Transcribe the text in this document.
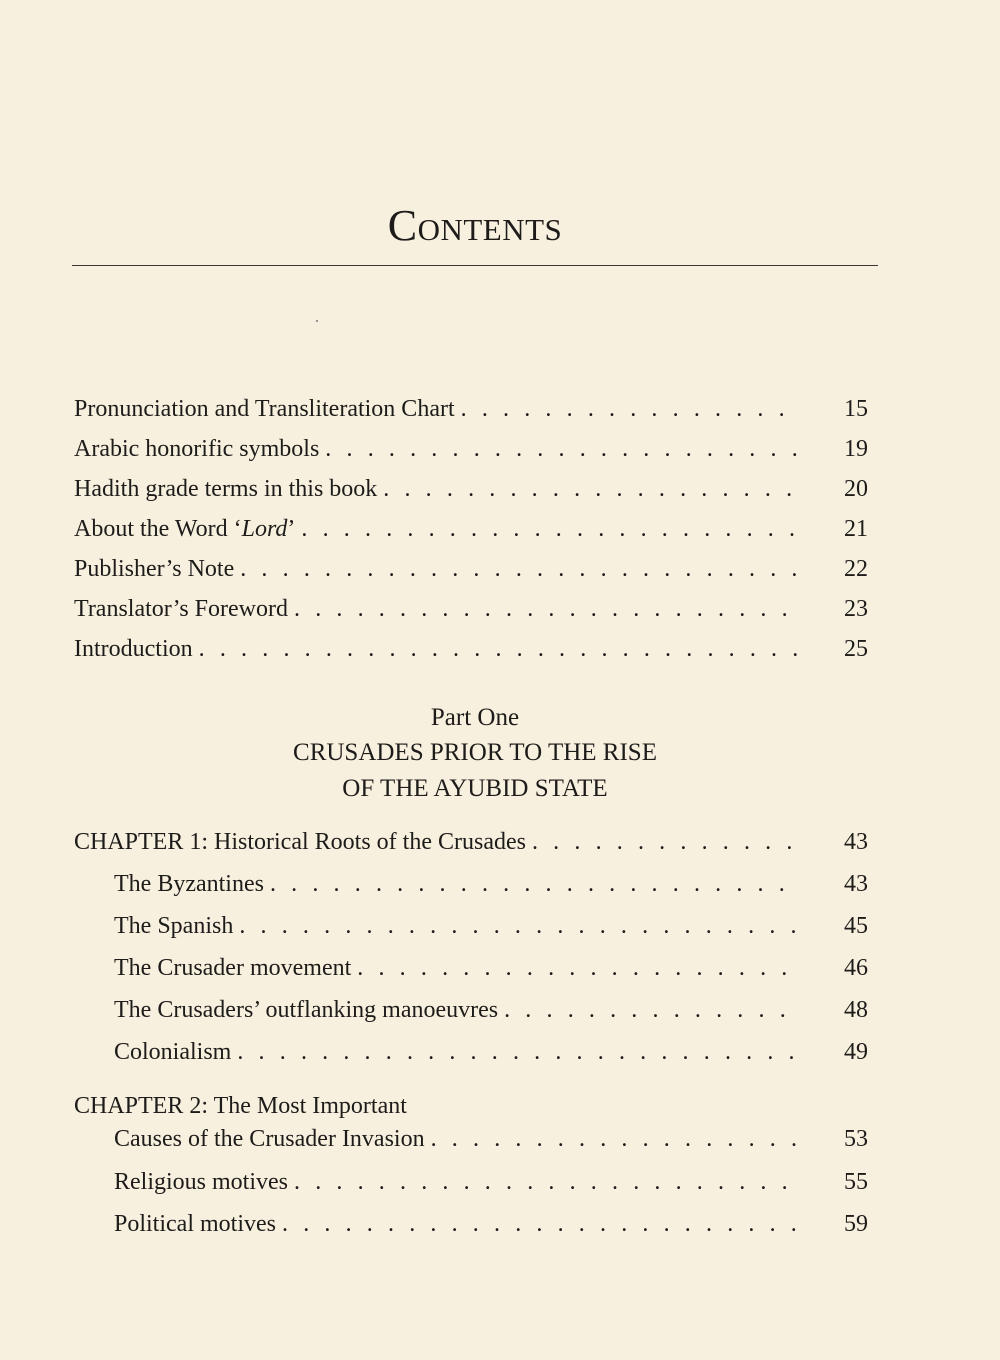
Contents
Pronunciation and Transliteration Chart . . .	15
Arabic honorific symbols . . .	19
Hadith grade terms in this book . . .	20
About the Word ‘Lord’ . . .	21
Publisher’s Note . . .	22
Translator’s Foreword . . .	23
Introduction . . .	25
Part One
CRUSADES PRIOR TO THE RISE
OF THE AYUBID STATE
CHAPTER 1: Historical Roots of the Crusades . . .	43
The Byzantines . . .	43
The Spanish . . .	45
The Crusader movement . . .	46
The Crusaders’ outflanking manoeuvres . . .	48
Colonialism . . .	49
CHAPTER 2: The Most Important
Causes of the Crusader Invasion . . .	53
Religious motives . . .	55
Political motives . . .	59
